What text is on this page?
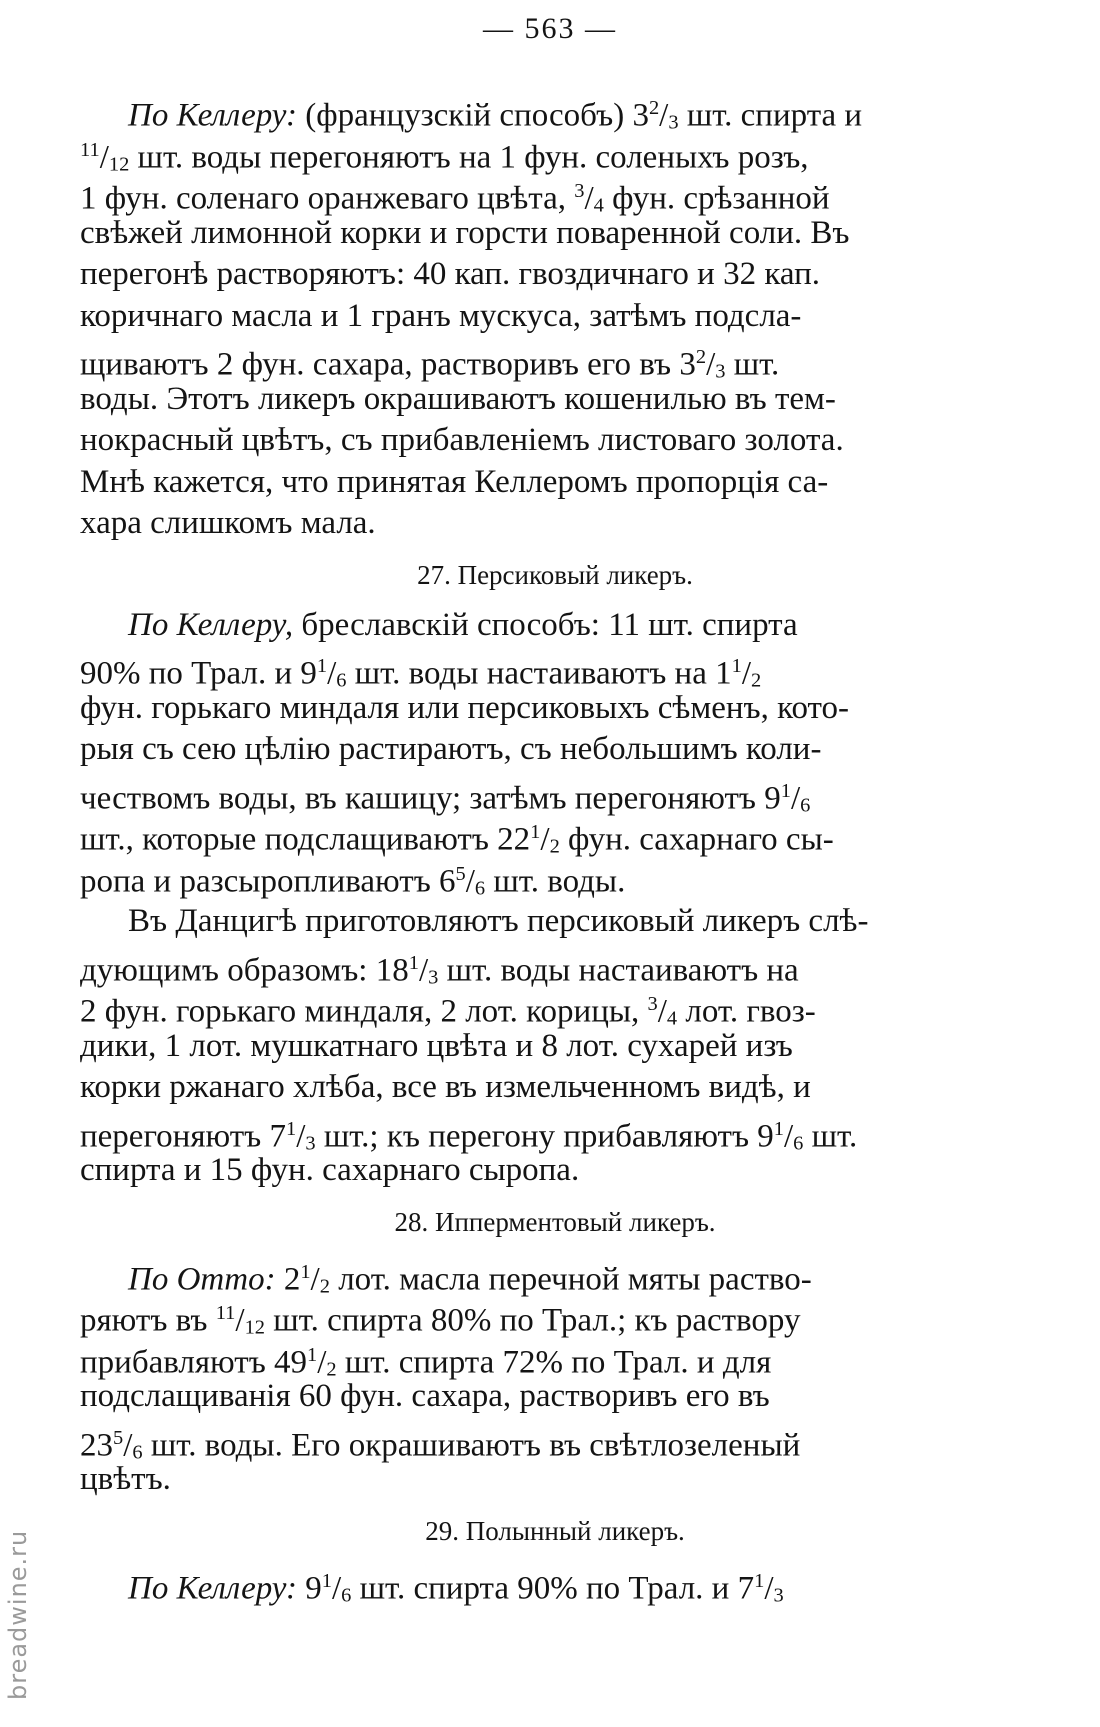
— 563 —
По Келлеру: (французскій способъ) $3^2/_3$ шт. спирта и
$^{11}/_{12}$ шт. воды перегоняютъ на 1 фун. соленыхъ розъ,
1 фун. соленаго оранжеваго цвѣта, $^3/_4$ фун. срѣзанной
свѣжей лимонной корки и горсти поваренной соли. Въ
перегонѣ растворяютъ: 40 кап. гвоздичнаго и 32 кап.
коричнаго масла и 1 гранъ мускуса, затѣмъ подсла-
щиваютъ 2 фун. сахара, растворивъ его въ $3^2/_3$ шт.
воды. Этотъ ликеръ окрашиваютъ кошенилью въ тем-
нокрасный цвѣтъ, съ прибавленіемъ листоваго золота.
Мнѣ кажется, что принятая Келлеромъ пропорція са-
хара слишкомъ мала.
27. Персиковый ликеръ.
По Келлеру, бреславскій способъ: 11 шт. спирта
90% по Трал. и $9^1/_6$ шт. воды настаиваютъ на $1^1/_2$
фун. горькаго миндаля или персиковыхъ сѣменъ, кото-
рыя съ сею цѣлію растираютъ, съ небольшимъ коли-
чествомъ воды, въ кашицу; затѣмъ перегоняютъ $9^1/_6$
шт., которые подслащиваютъ $22^1/_2$ фун. сахарнаго сы-
ропа и разсыропливаютъ $6^5/_6$ шт. воды.
Въ Данцигѣ приготовляютъ персиковый ликеръ слѣ-
дующимъ образомъ: $18^1/_3$ шт. воды настаиваютъ на
2 фун. горькаго миндаля, 2 лот. корицы, $^3/_4$ лот. гвоз-
дики, 1 лот. мушкатнаго цвѣта и 8 лот. сухарей изъ
корки ржанаго хлѣба, все въ измельченномъ видѣ, и
перегоняютъ $7^1/_3$ шт.; къ перегону прибавляютъ $9^1/_6$ шт.
спирта и 15 фун. сахарнаго сыропа.
28. Ипперментовый ликеръ.
По Отто: $2^1/_2$ лот. масла перечной мяты раство-
ряютъ въ $^{11}/_{12}$ шт. спирта 80% по Трал.; къ раствору
прибавляютъ $49^1/_2$ шт. спирта 72% по Трал. и для
подслащиванія 60 фун. сахара, растворивъ его въ
$23^5/_6$ шт. воды. Его окрашиваютъ въ свѣтлозеленый
цвѣтъ.
29. Полынный ликеръ.
По Келлеру: $9^1/_6$ шт. спирта 90% по Трал. и $7^1/_3$
breadwine.ru
